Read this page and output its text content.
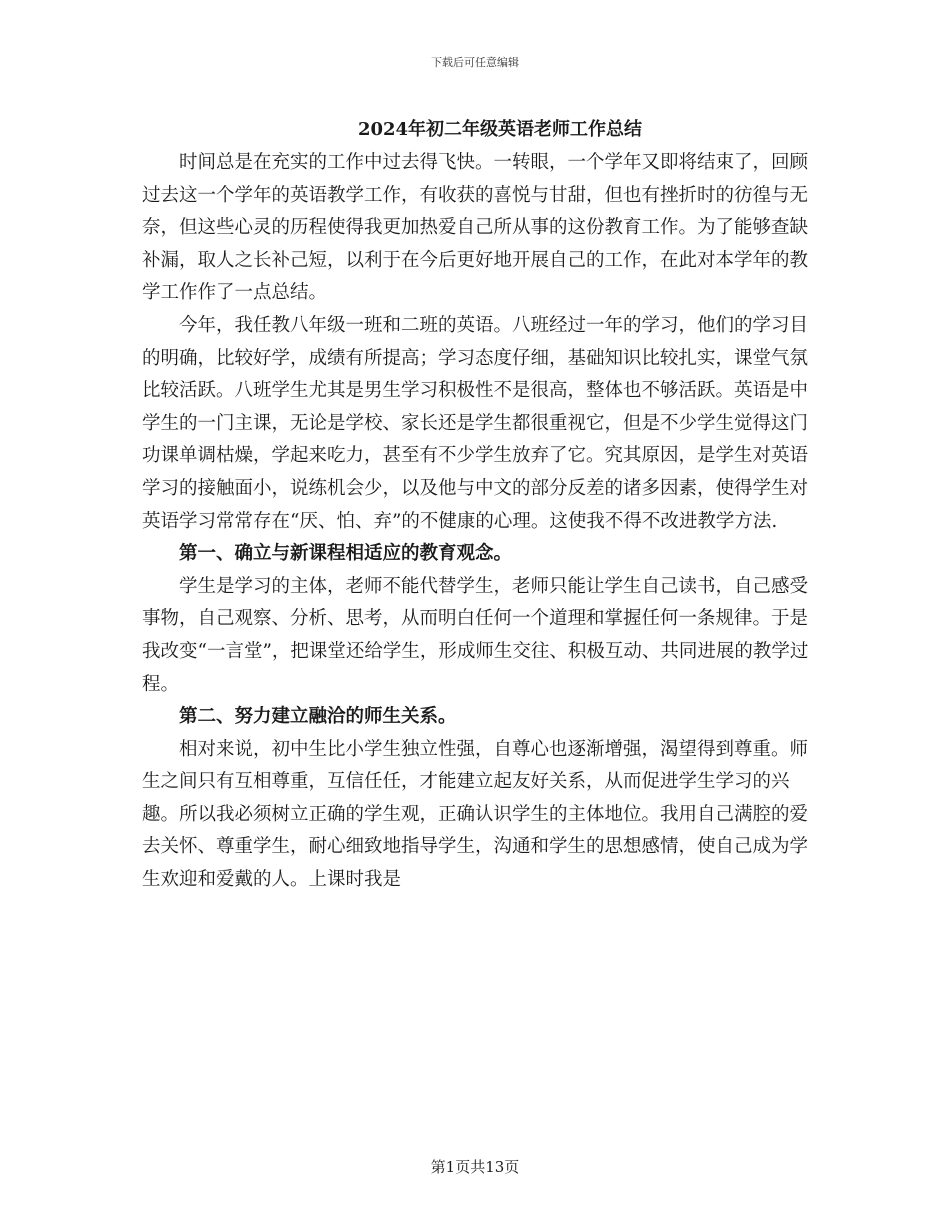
下载后可任意编辑
2024年初二年级英语老师工作总结

时间总是在充实的工作中过去得飞快。一转眼，一个学年又即将结束了，回顾过去这一个学年的英语教学工作，有收获的喜悦与甘甜，但也有挫折时的彷徨与无奈，但这些心灵的历程使得我更加热爱自己所从事的这份教育工作。为了能够查缺补漏，取人之长补己短，以利于在今后更好地开展自己的工作，在此对本学年的教学工作作了一点总结。

今年，我任教八年级一班和二班的英语。八班经过一年的学习，他们的学习目的明确，比较好学，成绩有所提高；学习态度仔细，基础知识比较扎实，课堂气氛比较活跃。八班学生尤其是男生学习积极性不是很高，整体也不够活跃。英语是中学生的一门主课，无论是学校、家长还是学生都很重视它，但是不少学生觉得这门功课单调枯燥，学起来吃力，甚至有不少学生放弃了它。究其原因，是学生对英语学习的接触面小，说练机会少，以及他与中文的部分反差的诸多因素，使得学生对英语学习常常存在“厌、怕、弃”的不健康的心理。这使我不得不改进教学方法.

第一、确立与新课程相适应的教育观念。

学生是学习的主体，老师不能代替学生，老师只能让学生自己读书，自己感受事物，自己观察、分析、思考，从而明白任何一个道理和掌握任何一条规律。于是我改变“一言堂”，把课堂还给学生，形成师生交往、积极互动、共同进展的教学过程。

第二、努力建立融洽的师生关系。

相对来说，初中生比小学生独立性强，自尊心也逐渐增强，渴望得到尊重。师生之间只有互相尊重，互信任任，才能建立起友好关系，从而促进学生学习的兴趣。所以我必须树立正确的学生观，正确认识学生的主体地位。我用自己满腔的爱去关怀、尊重学生，耐心细致地指导学生，沟通和学生的思想感情，使自己成为学生欢迎和爱戴的人。上课时我是

第1页共13页
